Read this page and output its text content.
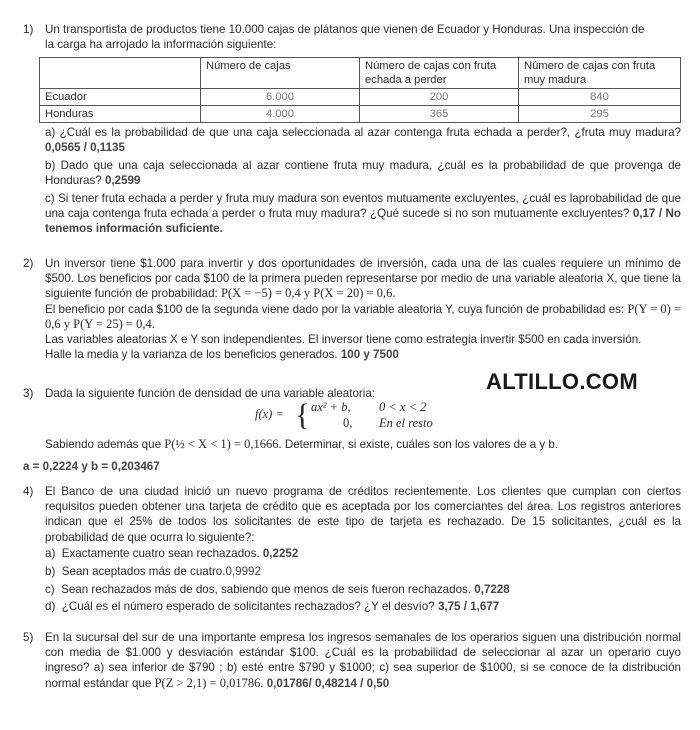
1)	Un transportista de productos tiene 10.000 cajas de plátanos que vienen de Ecuador y Honduras. Una inspección de
la carga ha arrojado la información siguiente:
	Número de cajas	Número de cajas con fruta echada a perder	Número de cajas con fruta muy madura
Ecuador	6.000	200	840
Honduras	4.000	365	295
a) ¿Cuál es la probabilidad de que una caja seleccionada al azar contenga fruta echada a perder?, ¿fruta muy madura? 0,0565 / 0,1135
b) Dado que una caja seleccionada al azar contiene fruta muy madura, ¿cuál es la probabilidad de que provenga de Honduras? 0,2599
c) Si tener fruta echada a perder y fruta muy madura son eventos mutuamente excluyentes, ¿cuál es laprobabilidad de que una caja contenga fruta echada a perder o fruta muy madura? ¿Qué sucede si no son mutuamente excluyentes? 0,17 / No tenemos información suficiente.
2)	Un inversor tiene $1.000 para invertir y dos oportunidades de inversión, cada una de las cuales requiere un mínimo de $500. Los beneficios por cada $100 de la primera pueden representarse por medio de una variable aleatoria X, que tiene la siguiente función de probabilidad: P(X = −5) = 0,4 y P(X = 20) = 0,6.
El beneficio por cada $100 de la segunda viene dado por la variable aleatoria Y, cuya función de probabilidad es: P(Y = 0) = 0,6 y P(Y = 25) = 0,4.
Las variables aleatorias X e Y son independientes. El inversor tiene como estrategia invertir $500 en cada inversión.
Halle la media y la varianza de los beneficios generados. 100 y 7500
3)	Dada la siguiente función de densidad de una variable aleatoria:	ALTILLO.COM
f(x) = { ax² + b, 0 < x < 2
0, En el resto
Sabiendo además que P(½ < X < 1) = 0,1666. Determinar, si existe, cuáles son los valores de a y b.
a = 0,2224 y b = 0,203467
4)	El Banco de una ciudad inició un nuevo programa de créditos recientemente. Los clientes que cumplan con ciertos requisitos pueden obtener una tarjeta de crédito que es aceptada por los comerciantes del área. Los registros anteriores indican que el 25% de todos los solicitantes de este tipo de tarjeta es rechazado. De 15 solicitantes, ¿cuál es la probabilidad de que ocurra lo siguiente?:
a) Exactamente cuatro sean rechazados. 0,2252
b) Sean aceptados más de cuatro.0,9992
c) Sean rechazados más de dos, sabiendo que menos de seis fueron rechazados. 0,7228
d) ¿Cuál es el número esperado de solicitantes rechazados? ¿Y el desvío? 3,75 / 1,677
5)	En la sucursal del sur de una importante empresa los ingresos semanales de los operarios siguen una distribución normal con media de $1.000 y desviación estándar $100. ¿Cuál es la probabilidad de seleccionar al azar un operario cuyo ingreso? a) sea inferior de $790 ; b) esté entre $790 y $1000; c) sea superior de $1000, si se conoce de la distribución normal estándar que P(Z > 2,1) = 0,01786. 0,01786/ 0,48214 / 0,50
